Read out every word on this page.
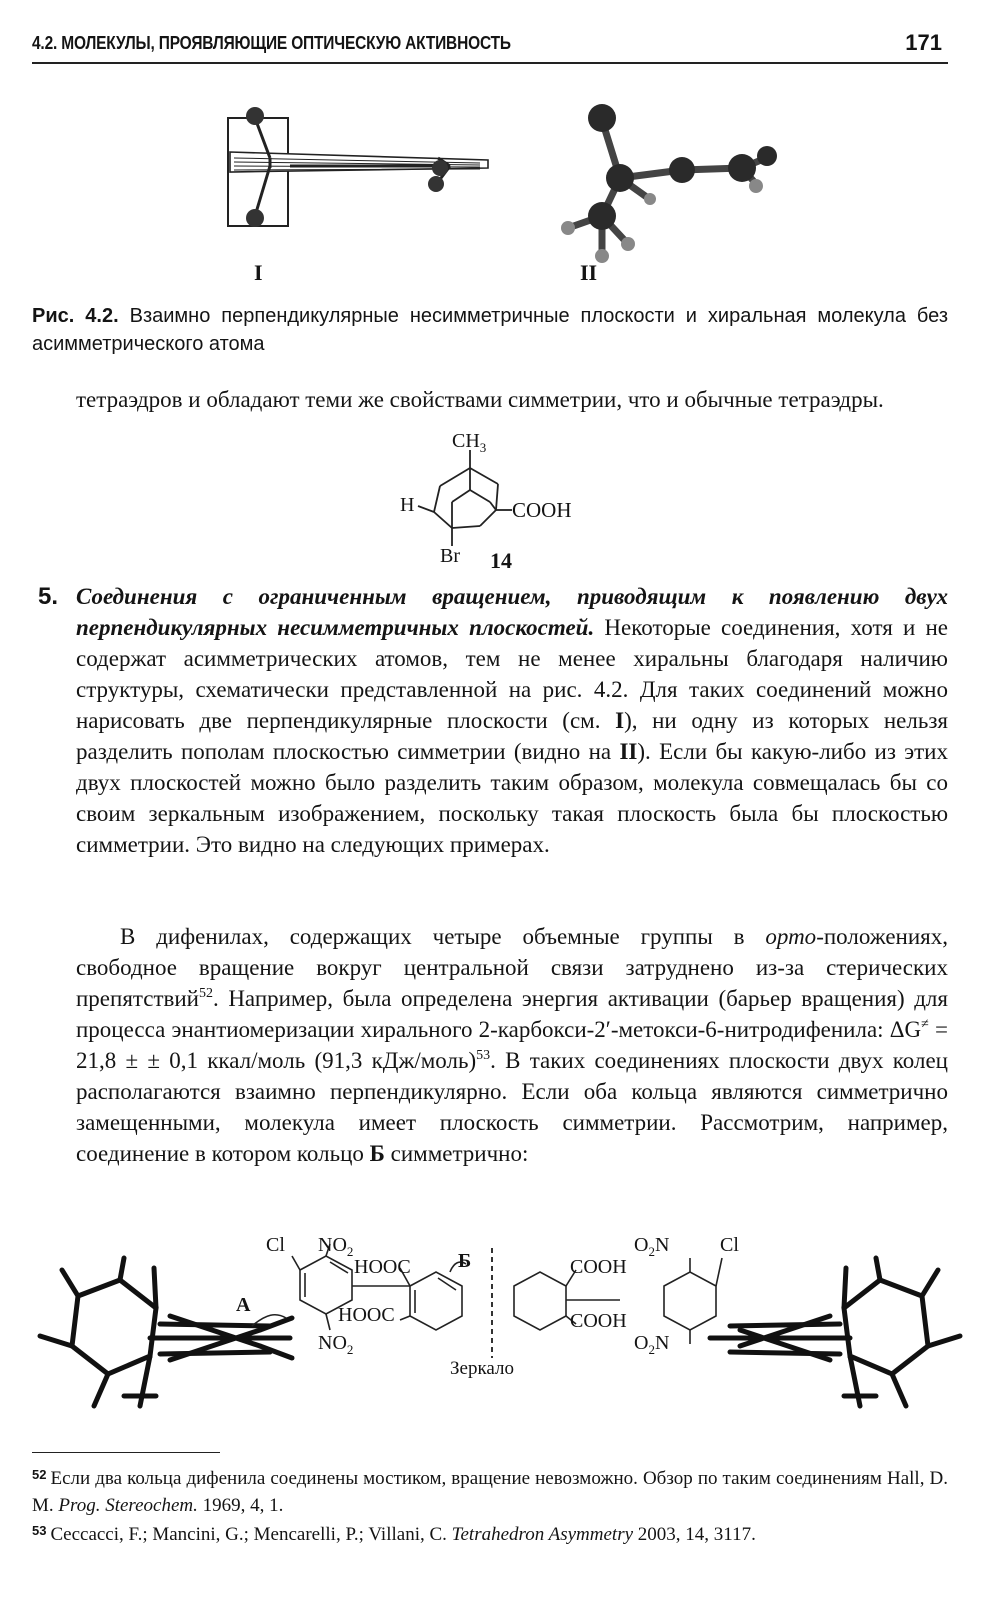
4.2. МОЛЕКУЛЫ, ПРОЯВЛЯЮЩИЕ ОПТИЧЕСКУЮ АКТИВНОСТЬ	171
I	II
Рис. 4.2. Взаимно перпендикулярные несимметричные плоскости и хиральная молекула без асимметрического атома
тетраэдров и обладают теми же свойствами симметрии, что и обычные тетраэдры.
$CH_3$
H	COOH
Br 14
5. Соединения с ограниченным вращением, приводящим к появлению двух перпендикулярных несимметричных плоскостей. Некоторые соединения, хотя и не содержат асимметрических атомов, тем не менее хиральны благодаря наличию структуры, схематически представленной на рис. 4.2. Для таких соединений можно нарисовать две перпендикулярные плоскости (см. I), ни одну из которых нельзя разделить пополам плоскостью симметрии (видно на II). Если бы какую-либо из этих двух плоскостей можно было разделить таким образом, молекула совмещалась бы со своим зеркальным изображением, поскольку такая плоскость была бы плоскостью симметрии. Это видно на следующих примерах.
В дифенилах, содержащих четыре объемные группы в орто-положениях, свободное вращение вокруг центральной связи затруднено из-за стерических препятствий$^{52}$. Например, была определена энергия активации (барьер вращения) для процесса энантиомеризации хирального 2-карбокси-2′-метокси-6-нитродифенила: ΔG≠ = 21,8 ± ± 0,1 ккал/моль (91,3 кДж/моль)$^{53}$. В таких соединениях плоскости двух колец располагаются взаимно перпендикулярно. Если оба кольца являются симметрично замещенными, молекула имеет плоскость симметрии. Рассмотрим, например, соединение в котором кольцо Б симметрично:
Cl $NO_2$
HOOC Б
A	HOOC
$NO_2$
COOH
COOH
$O_2N$	Cl
$O_2N$
Зеркало
$^{52}$ Если два кольца дифенила соединены мостиком, вращение невозможно. Обзор по таким соединениям Hall, D. M. Prog. Stereochem. 1969, 4, 1.
$^{53}$ Ceccacci, F.; Mancini, G.; Mencarelli, P.; Villani, C. Tetrahedron Asymmetry 2003, 14, 3117.
